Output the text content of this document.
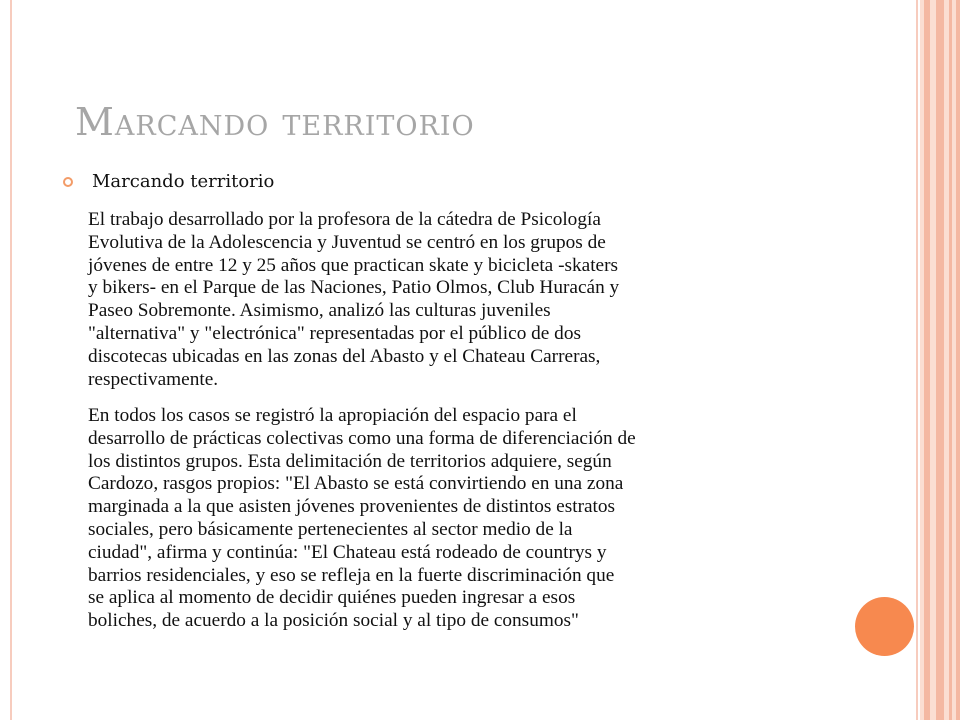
Marcando territorio
Marcando territorio

El trabajo desarrollado por la profesora de la cátedra de Psicología
Evolutiva de la Adolescencia y Juventud se centró en los grupos de
jóvenes de entre 12 y 25 años que practican skate y bicicleta -skaters
y bikers- en el Parque de las Naciones, Patio Olmos, Club Huracán y
Paseo Sobremonte. Asimismo, analizó las culturas juveniles
"alternativa" y "electrónica" representadas por el público de dos
discotecas ubicadas en las zonas del Abasto y el Chateau Carreras,
respectivamente.

En todos los casos se registró la apropiación del espacio para el
desarrollo de prácticas colectivas como una forma de diferenciación de
los distintos grupos. Esta delimitación de territorios adquiere, según
Cardozo, rasgos propios: "El Abasto se está convirtiendo en una zona
marginada a la que asisten jóvenes provenientes de distintos estratos
sociales, pero básicamente pertenecientes al sector medio de la
ciudad", afirma y continúa: "El Chateau está rodeado de countrys y
barrios residenciales, y eso se refleja en la fuerte discriminación que
se aplica al momento de decidir quiénes pueden ingresar a esos
boliches, de acuerdo a la posición social y al tipo de consumos"
